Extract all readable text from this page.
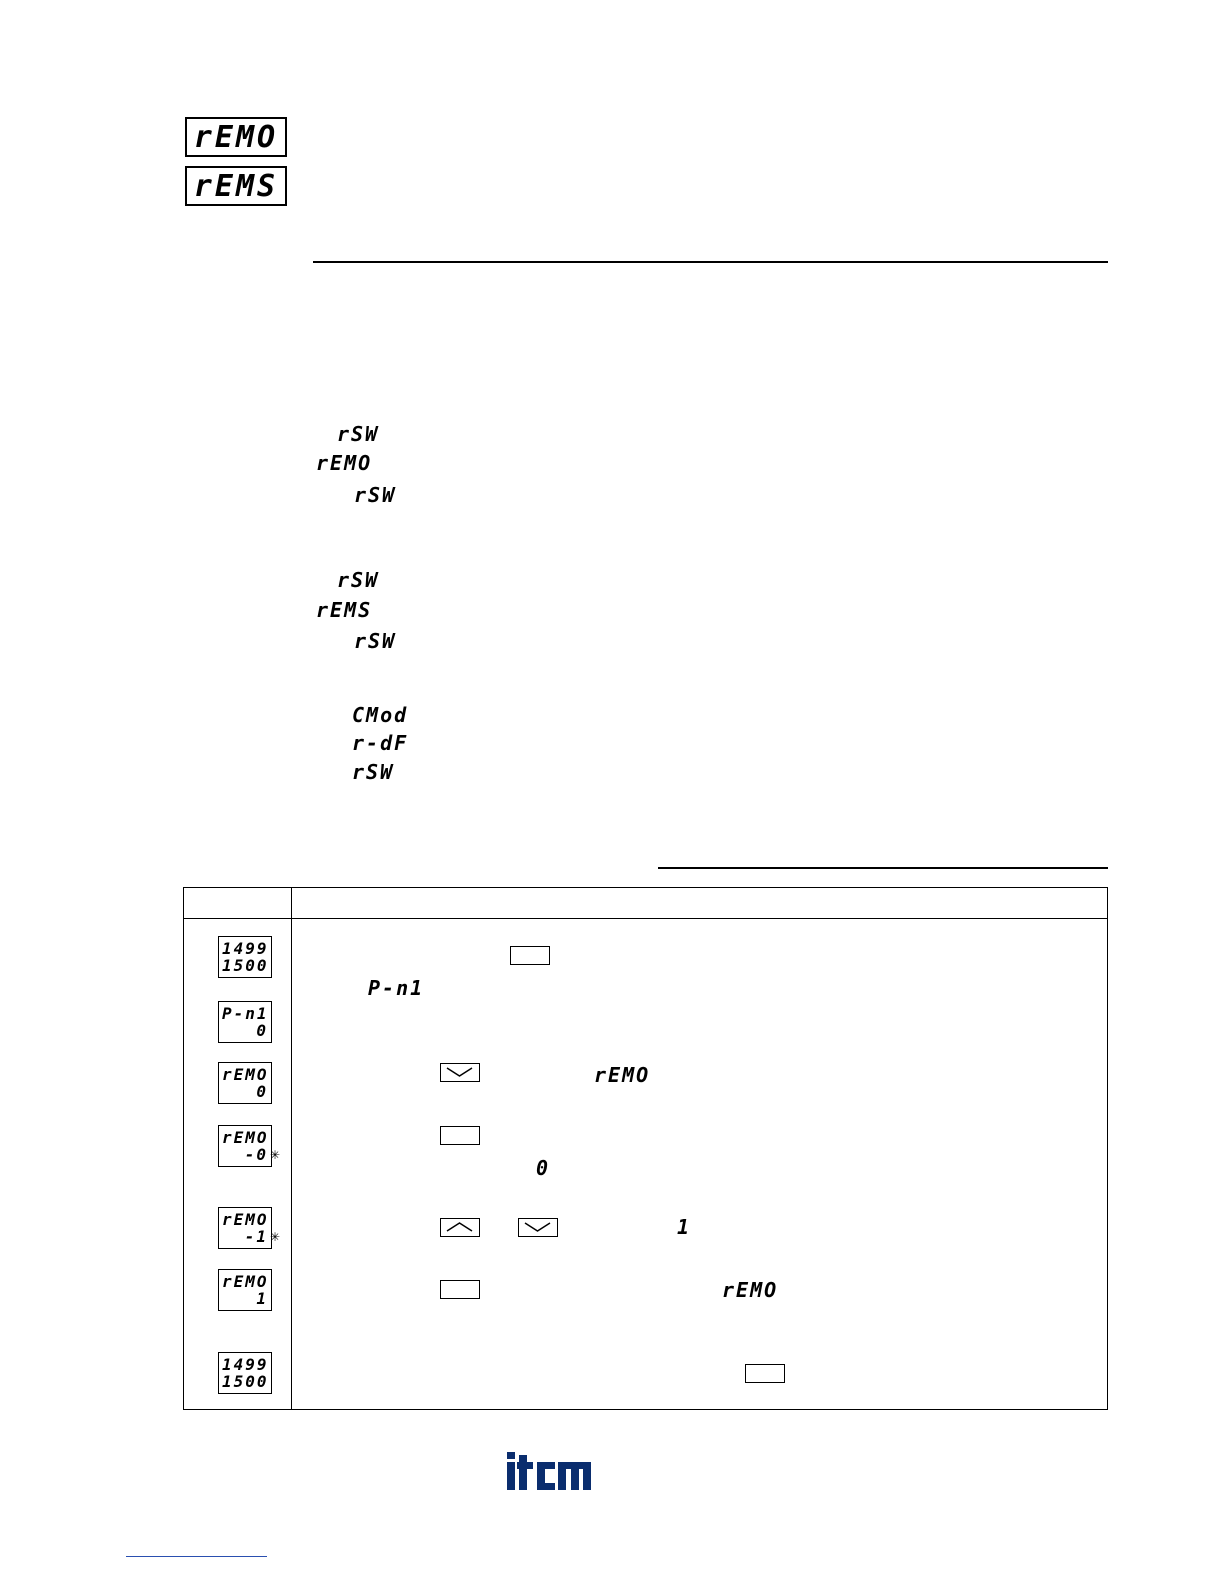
rEMO
rEMS
rSW
rEMO
rSW
rSW
rEMS
rSW
CMod
r-dF
rSW
1499
1500
P-n1
0
rEMO
0
rEMO
-0 ✳
rEMO
-1 ✳
rEMO
1
1499
1500
P-n1
rEMO
0
1
rEMO
